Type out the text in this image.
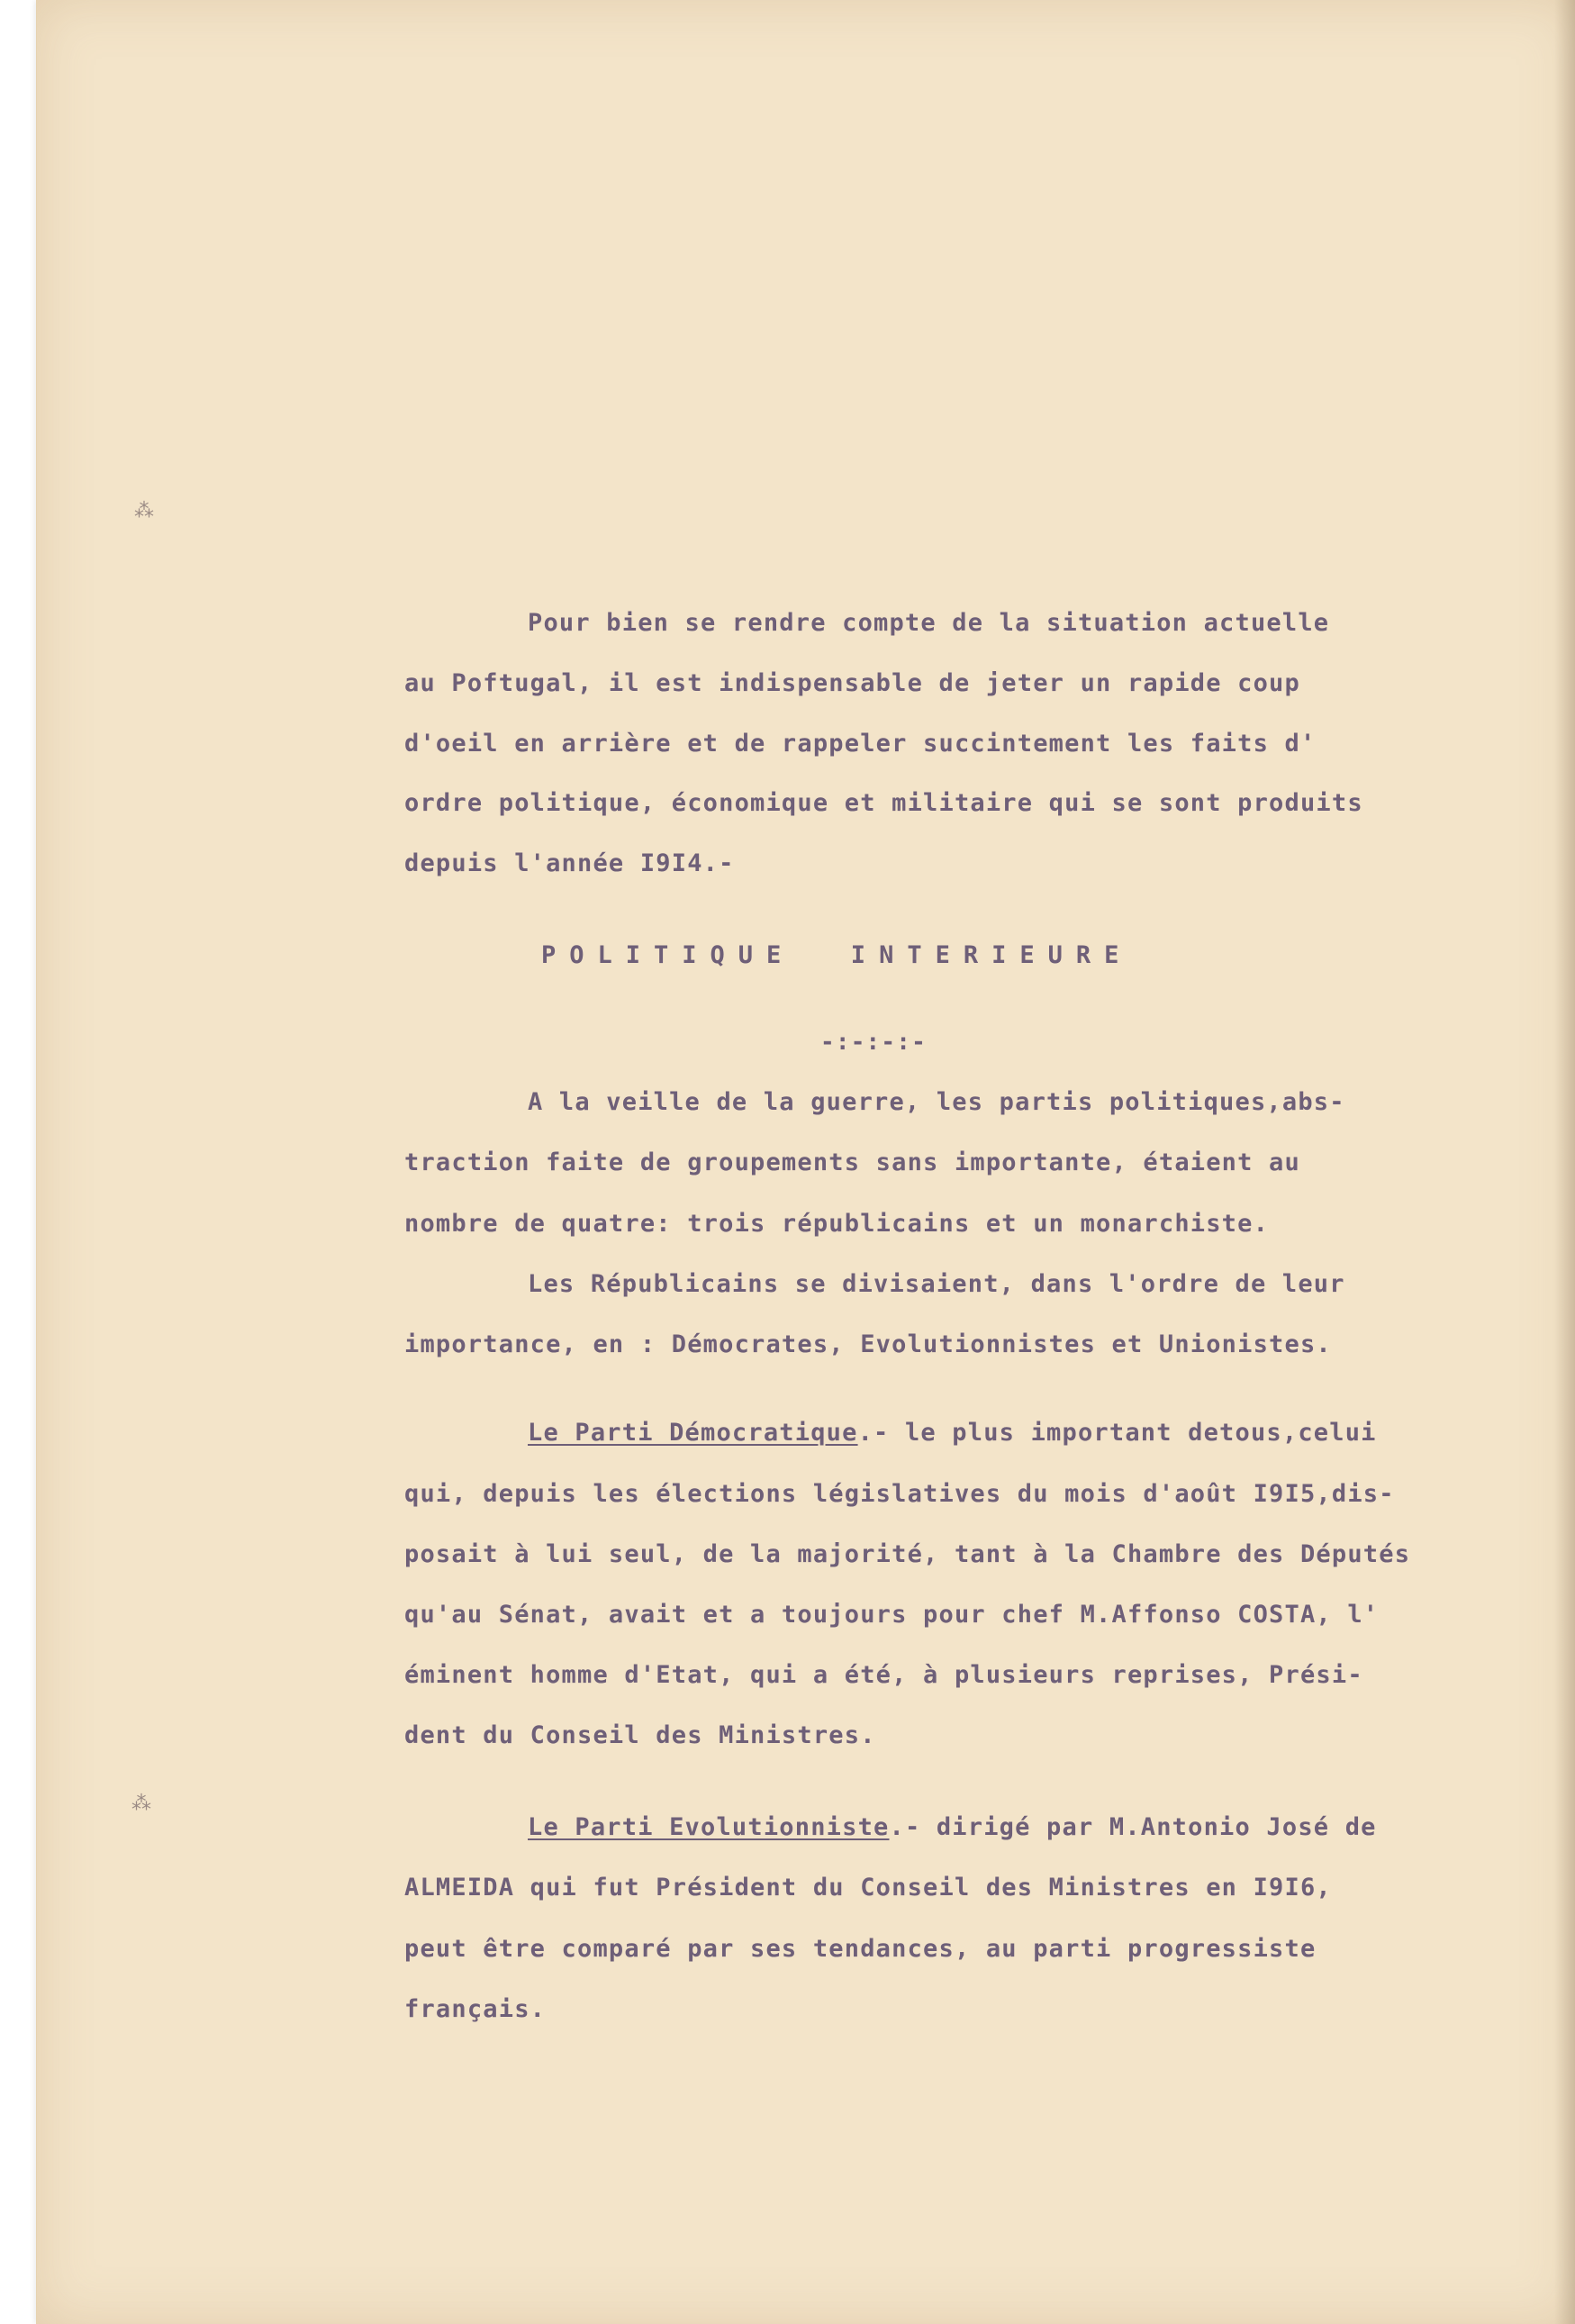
⁂
⁂
Pour bien se rendre compte de la situation actuelle
au Poftugal, il est indispensable de jeter un rapide coup
d'oeil en arrière et de rappeler succintement les faits d'
ordre politique, économique et militaire qui se sont produits
depuis l'année I9I4.-
POLITIQUE  INTERIEURE
-:-:-:-
A la veille de la guerre, les partis politiques,abs-
traction faite de groupements sans importante, étaient au
nombre de quatre: trois républicains et un monarchiste.
Les Républicains se divisaient, dans l'ordre de leur
importance, en : Démocrates, Evolutionnistes et Unionistes.
Le Parti Démocratique.- le plus important detous,celui
qui, depuis les élections législatives du mois d'août I9I5,dis-
posait à lui seul, de la majorité, tant à la Chambre des Députés
qu'au Sénat, avait et a toujours pour chef M.Affonso COSTA, l'
éminent homme d'Etat, qui a été, à plusieurs reprises, Prési-
dent du Conseil des Ministres.
Le Parti Evolutionniste.- dirigé par M.Antonio José de
ALMEIDA qui fut Président du Conseil des Ministres en I9I6,
peut être comparé par ses tendances, au parti progressiste
français.
